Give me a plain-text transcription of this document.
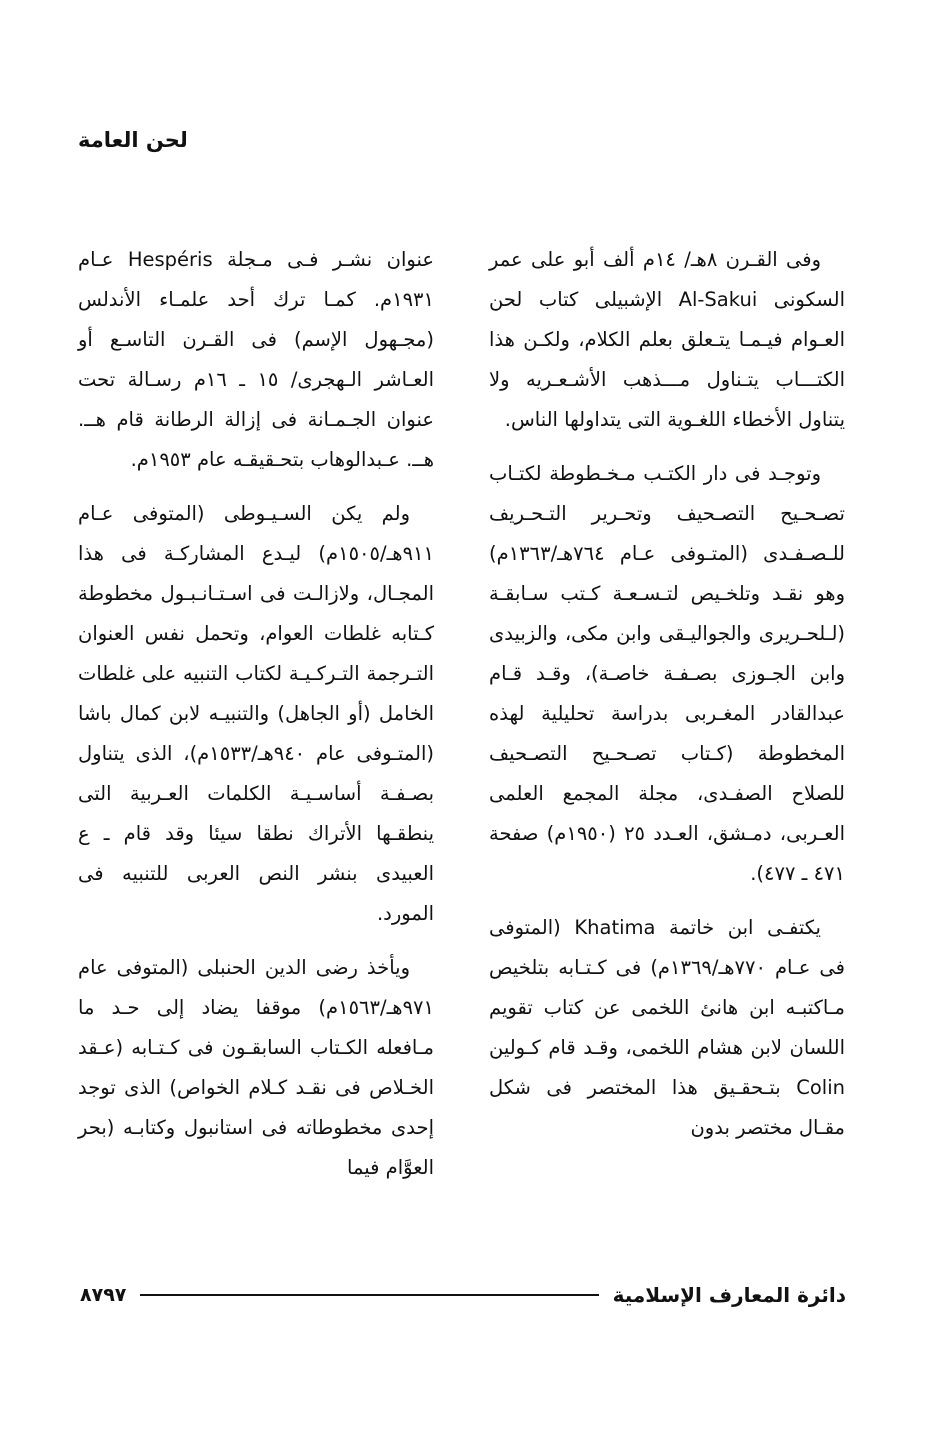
لحن العامة

وفى القـرن ٨هـ/ ١٤م ألف أبو على عمر السكونى Al-Sakui الإشبيلى كتاب لحن العـوام فيـمـا يتـعلق بعلم الكلام، ولكـن هذا الكتـــاب يتـناول مـــذهب الأشـعـريه ولا يتناول الأخطاء اللغـوية التى يتداولها الناس.

وتوجـد فى دار الكتـب مـخـطوطة لكتـاب تصـحـيح التصـحيف وتحـرير التـحـريف للـصـفـدى (المتـوفى عـام ٧٦٤هـ/١٣٦٣م) وهو نقـد وتلخـيص لتـسـعـة كـتب سـابقـة (لـلحـريرى والجواليـقى وابن مكى، والزبيدى وابن الجـوزى بصـفـة خاصـة)، وقـد قـام عبدالقادر المغـربى بدراسة تحليلية لهذه المخطوطة (كـتاب تصـحـيح التصـحيف للصلاح الصفـدى، مجلة المجمع العلمى العـربى، دمـشق، العـدد ٢٥ (١٩٥٠م) صفحة ٤٧١ ـ ٤٧٧).

يكتفـى ابن خاتمة Khatima (المتوفى فى عـام ٧٧٠هـ/١٣٦٩م) فى كـتـابه بتلخيص مـاكتبـه ابن هانئ اللخمى عن كتاب تقويم اللسان لابن هشام اللخمى، وقـد قام كـولين Colin بتـحقـيق هذا المختصر فى شكل مقـال مختصر بدون

عنوان نشـر فـى مـجلة Hespéris عـام ١٩٣١م. كمـا ترك أحد علمـاء الأندلس (مجـهول الإسم) فى القـرن التاسـع أو العـاشر الـهجرى/ ١٥ ـ ١٦م رسـالة تحت عنوان الجـمـانة فى إزالة الرطانة قام هــ. هــ. عـبدالوهاب بتحـقيقـه عام ١٩٥٣م.

ولم يكن السـيـوطى (المتوفى عـام ٩١١هـ/١٥٠٥م) ليـدع المشاركـة فى هذا المجـال، ولازالـت فى اسـتـانـبـول مخطوطة كـتابه غلطات العوام، وتحمل نفس العنوان التـرجمة التـركـيـة لكتاب التنبيه على غلطات الخامل (أو الجاهل) والتنبيـه لابن كمال باشا (المتـوفى عام ٩٤٠هـ/١٥٣٣م)، الذى يتناول بصـفـة أساسـيـة الكلمات العـربية التى ينطقـها الأتراك نطقا سيئا وقد قام ـ ع العبيدى بنشر النص العربى للتنبيه فى المورد.

ويأخذ رضى الدين الحنبلى (المتوفى عام ٩٧١هـ/١٥٦٣م) موقفا يضاد إلى حـد ما مـافعله الكـتاب السابقـون فى كـتـابه (عـقد الخـلاص فى نقـد كـلام الخواص) الذى توجد إحدى مخطوطاته فى استانبول وكتابـه (بحر العوَّام فيما

دائرة المعارف الإسلامية
٨٧٩٧
